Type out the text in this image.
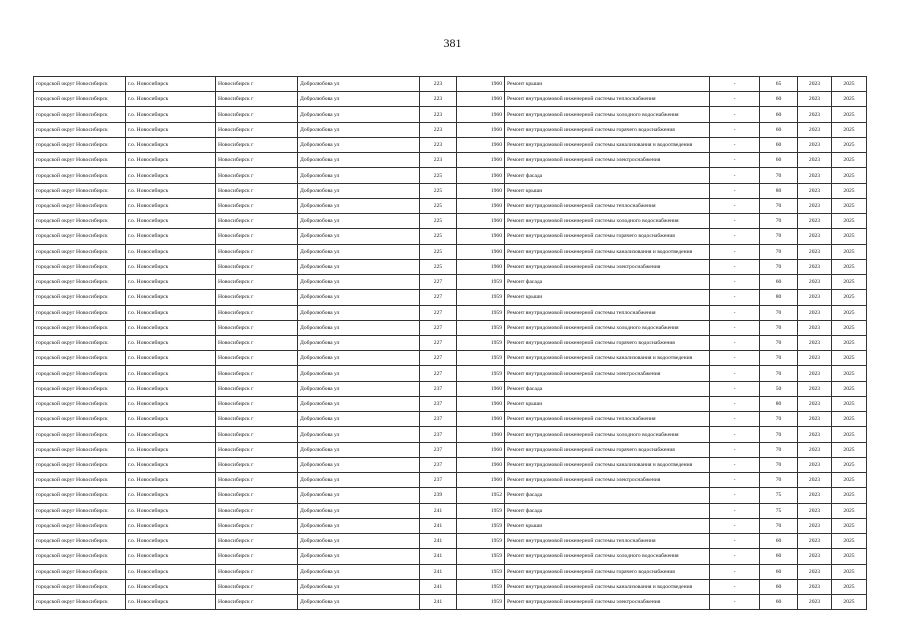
381
городской округ Новосибирск	г.о. Новосибирск	Новосибирск г	Добролюбова ул	223	1960	Ремонт крыши	-	65	2023	2025
городской округ Новосибирск	г.о. Новосибирск	Новосибирск г	Добролюбова ул	223	1960	Ремонт внутридомовой инженерной системы теплоснабжения	-	60	2023	2025
городской округ Новосибирск	г.о. Новосибирск	Новосибирск г	Добролюбова ул	223	1960	Ремонт внутридомовой инженерной системы холодного водоснабжения	-	60	2023	2025
городской округ Новосибирск	г.о. Новосибирск	Новосибирск г	Добролюбова ул	223	1960	Ремонт внутридомовой инженерной системы горячего водоснабжения	-	60	2023	2025
городской округ Новосибирск	г.о. Новосибирск	Новосибирск г	Добролюбова ул	223	1960	Ремонт внутридомовой инженерной системы канализования и водоотведения	-	60	2023	2025
городской округ Новосибирск	г.о. Новосибирск	Новосибирск г	Добролюбова ул	223	1960	Ремонт внутридомовой инженерной системы электроснабжения	-	60	2023	2025
городской округ Новосибирск	г.о. Новосибирск	Новосибирск г	Добролюбова ул	225	1960	Ремонт фасада	-	70	2023	2025
городской округ Новосибирск	г.о. Новосибирск	Новосибирск г	Добролюбова ул	225	1960	Ремонт крыши	-	80	2023	2025
городской округ Новосибирск	г.о. Новосибирск	Новосибирск г	Добролюбова ул	225	1960	Ремонт внутридомовой инженерной системы теплоснабжения	-	70	2023	2025
городской округ Новосибирск	г.о. Новосибирск	Новосибирск г	Добролюбова ул	225	1960	Ремонт внутридомовой инженерной системы холодного водоснабжения	-	70	2023	2025
городской округ Новосибирск	г.о. Новосибирск	Новосибирск г	Добролюбова ул	225	1960	Ремонт внутридомовой инженерной системы горячего водоснабжения	-	70	2023	2025
городской округ Новосибирск	г.о. Новосибирск	Новосибирск г	Добролюбова ул	225	1960	Ремонт внутридомовой инженерной системы канализования и водоотведения	-	70	2023	2025
городской округ Новосибирск	г.о. Новосибирск	Новосибирск г	Добролюбова ул	225	1960	Ремонт внутридомовой инженерной системы электроснабжения	-	70	2023	2025
городской округ Новосибирск	г.о. Новосибирск	Новосибирск г	Добролюбова ул	227	1959	Ремонт фасада	-	60	2023	2025
городской округ Новосибирск	г.о. Новосибирск	Новосибирск г	Добролюбова ул	227	1959	Ремонт крыши	-	80	2023	2025
городской округ Новосибирск	г.о. Новосибирск	Новосибирск г	Добролюбова ул	227	1959	Ремонт внутридомовой инженерной системы теплоснабжения	-	70	2023	2025
городской округ Новосибирск	г.о. Новосибирск	Новосибирск г	Добролюбова ул	227	1959	Ремонт внутридомовой инженерной системы холодного водоснабжения	-	70	2023	2025
городской округ Новосибирск	г.о. Новосибирск	Новосибирск г	Добролюбова ул	227	1959	Ремонт внутридомовой инженерной системы горячего водоснабжения	-	70	2023	2025
городской округ Новосибирск	г.о. Новосибирск	Новосибирск г	Добролюбова ул	227	1959	Ремонт внутридомовой инженерной системы канализования и водоотведения	-	70	2023	2025
городской округ Новосибирск	г.о. Новосибирск	Новосибирск г	Добролюбова ул	227	1959	Ремонт внутридомовой инженерной системы электроснабжения	-	70	2023	2025
городской округ Новосибирск	г.о. Новосибирск	Новосибирск г	Добролюбова ул	237	1960	Ремонт фасада	-	50	2023	2025
городской округ Новосибирск	г.о. Новосибирск	Новосибирск г	Добролюбова ул	237	1960	Ремонт крыши	-	80	2023	2025
городской округ Новосибирск	г.о. Новосибирск	Новосибирск г	Добролюбова ул	237	1960	Ремонт внутридомовой инженерной системы теплоснабжения	-	70	2023	2025
городской округ Новосибирск	г.о. Новосибирск	Новосибирск г	Добролюбова ул	237	1960	Ремонт внутридомовой инженерной системы холодного водоснабжения	-	70	2023	2025
городской округ Новосибирск	г.о. Новосибирск	Новосибирск г	Добролюбова ул	237	1960	Ремонт внутридомовой инженерной системы горячего водоснабжения	-	70	2023	2025
городской округ Новосибирск	г.о. Новосибирск	Новосибирск г	Добролюбова ул	237	1960	Ремонт внутридомовой инженерной системы канализования и водоотведения	-	70	2023	2025
городской округ Новосибирск	г.о. Новосибирск	Новосибирск г	Добролюбова ул	237	1960	Ремонт внутридомовой инженерной системы электроснабжения	-	70	2023	2025
городской округ Новосибирск	г.о. Новосибирск	Новосибирск г	Добролюбова ул	239	1952	Ремонт фасада	-	75	2023	2025
городской округ Новосибирск	г.о. Новосибирск	Новосибирск г	Добролюбова ул	241	1959	Ремонт фасада	-	75	2023	2025
городской округ Новосибирск	г.о. Новосибирск	Новосибирск г	Добролюбова ул	241	1959	Ремонт крыши	-	70	2023	2025
городской округ Новосибирск	г.о. Новосибирск	Новосибирск г	Добролюбова ул	241	1959	Ремонт внутридомовой инженерной системы теплоснабжения	-	60	2023	2025
городской округ Новосибирск	г.о. Новосибирск	Новосибирск г	Добролюбова ул	241	1959	Ремонт внутридомовой инженерной системы холодного водоснабжения	-	60	2023	2025
городской округ Новосибирск	г.о. Новосибирск	Новосибирск г	Добролюбова ул	241	1959	Ремонт внутридомовой инженерной системы горячего водоснабжения	-	60	2023	2025
городской округ Новосибирск	г.о. Новосибирск	Новосибирск г	Добролюбова ул	241	1959	Ремонт внутридомовой инженерной системы канализования и водоотведения	-	60	2023	2025
городской округ Новосибирск	г.о. Новосибирск	Новосибирск г	Добролюбова ул	241	1959	Ремонт внутридомовой инженерной системы электроснабжения	-	60	2023	2025
